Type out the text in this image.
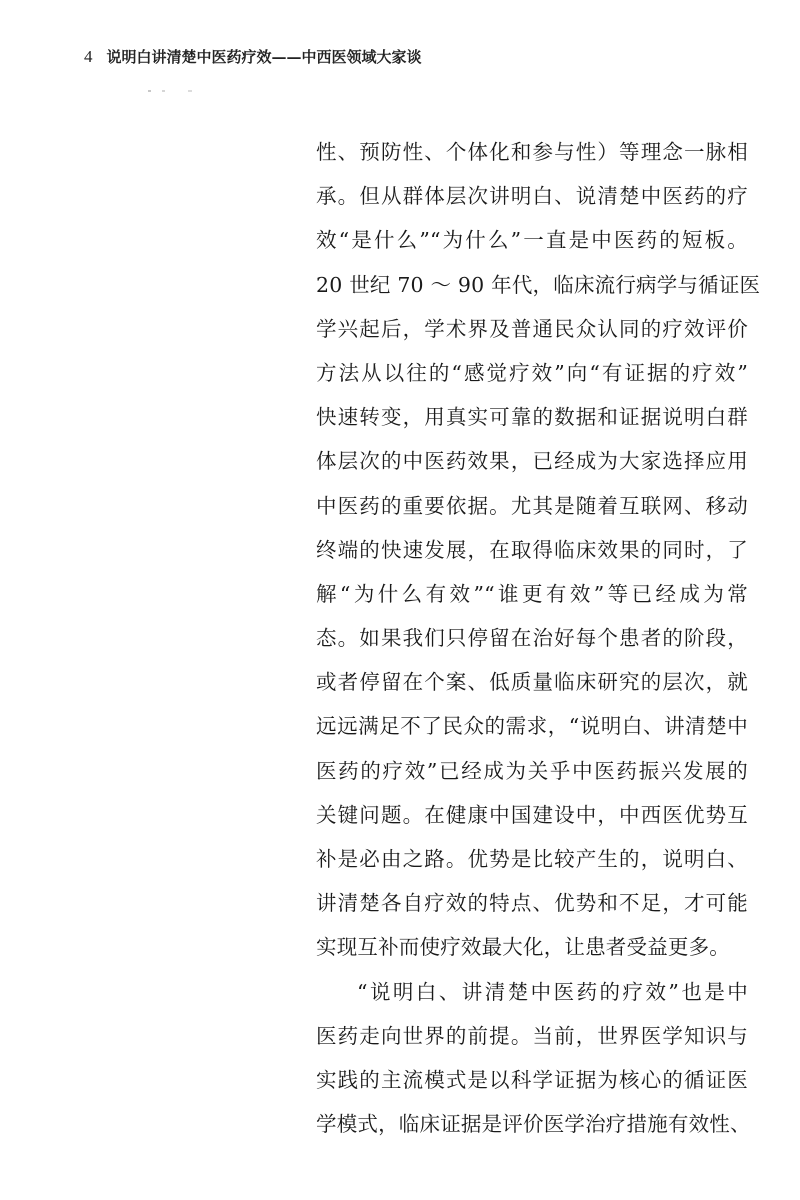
4 说明白讲清楚中医药疗效——中西医领域大家谈
性、预防性、个体化和参与性）等理念一脉相
承。但从群体层次讲明白、说清楚中医药的疗
效“是什么”“为什么”一直是中医药的短板。
20 世纪 70 ～ 90 年代，临床流行病学与循证医
学兴起后，学术界及普通民众认同的疗效评价
方法从以往的“感觉疗效”向“有证据的疗效”
快速转变，用真实可靠的数据和证据说明白群
体层次的中医药效果，已经成为大家选择应用
中医药的重要依据。尤其是随着互联网、移动
终端的快速发展，在取得临床效果的同时，了
解“为什么有效”“谁更有效”等已经成为常
态。如果我们只停留在治好每个患者的阶段，
或者停留在个案、低质量临床研究的层次，就
远远满足不了民众的需求，“说明白、讲清楚中
医药的疗效”已经成为关乎中医药振兴发展的
关键问题。在健康中国建设中，中西医优势互
补是必由之路。优势是比较产生的，说明白、
讲清楚各自疗效的特点、优势和不足，才可能
实现互补而使疗效最大化，让患者受益更多。
“说明白、讲清楚中医药的疗效”也是中
医药走向世界的前提。当前，世界医学知识与
实践的主流模式是以科学证据为核心的循证医
学模式，临床证据是评价医学治疗措施有效性、
